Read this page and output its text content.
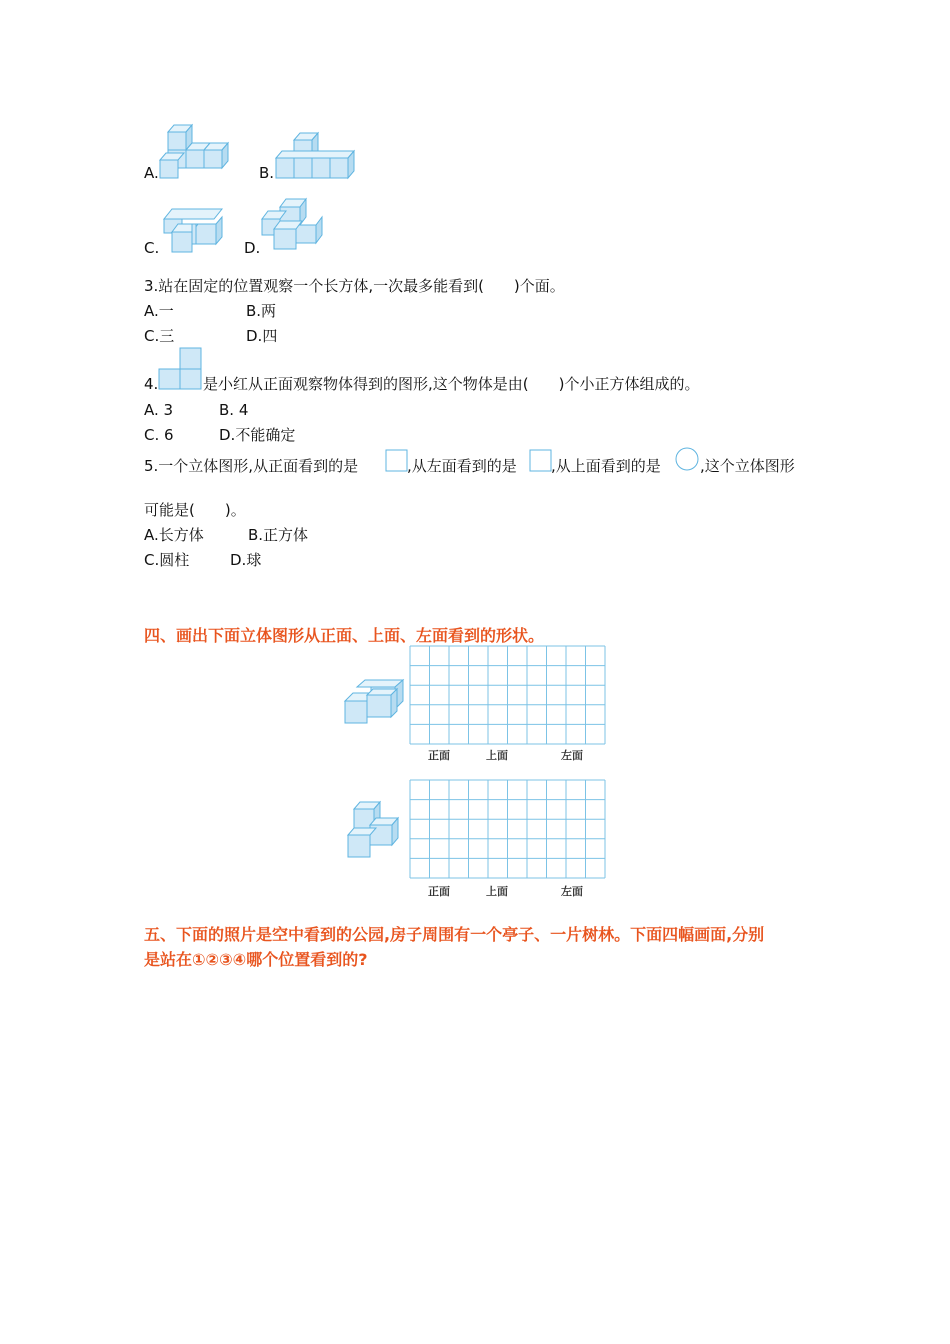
A.	B.
C.	D.
3.站在固定的位置观察一个长方体,一次最多能看到(　　)个面。
A.一	B.两
C.三	D.四
4.	是小红从正面观察物体得到的图形,这个物体是由(　　)个小正方体组成的。
A. 3	B. 4
C. 6	D.不能确定
5.一个立体图形,从正面看到的是	,从左面看到的是 ,从上面看到的是	,这个立体图形
可能是(　　)。
A.长方体	B.正方体
C.圆柱	D.球
四、画出下面立体图形从正面、上面、左面看到的形状。
正面	上面	左面
正面	上面	左面
五、下面的照片是空中看到的公园,房子周围有一个亭子、一片树林。下面四幅画面,分别
是站在①②③④哪个位置看到的?
